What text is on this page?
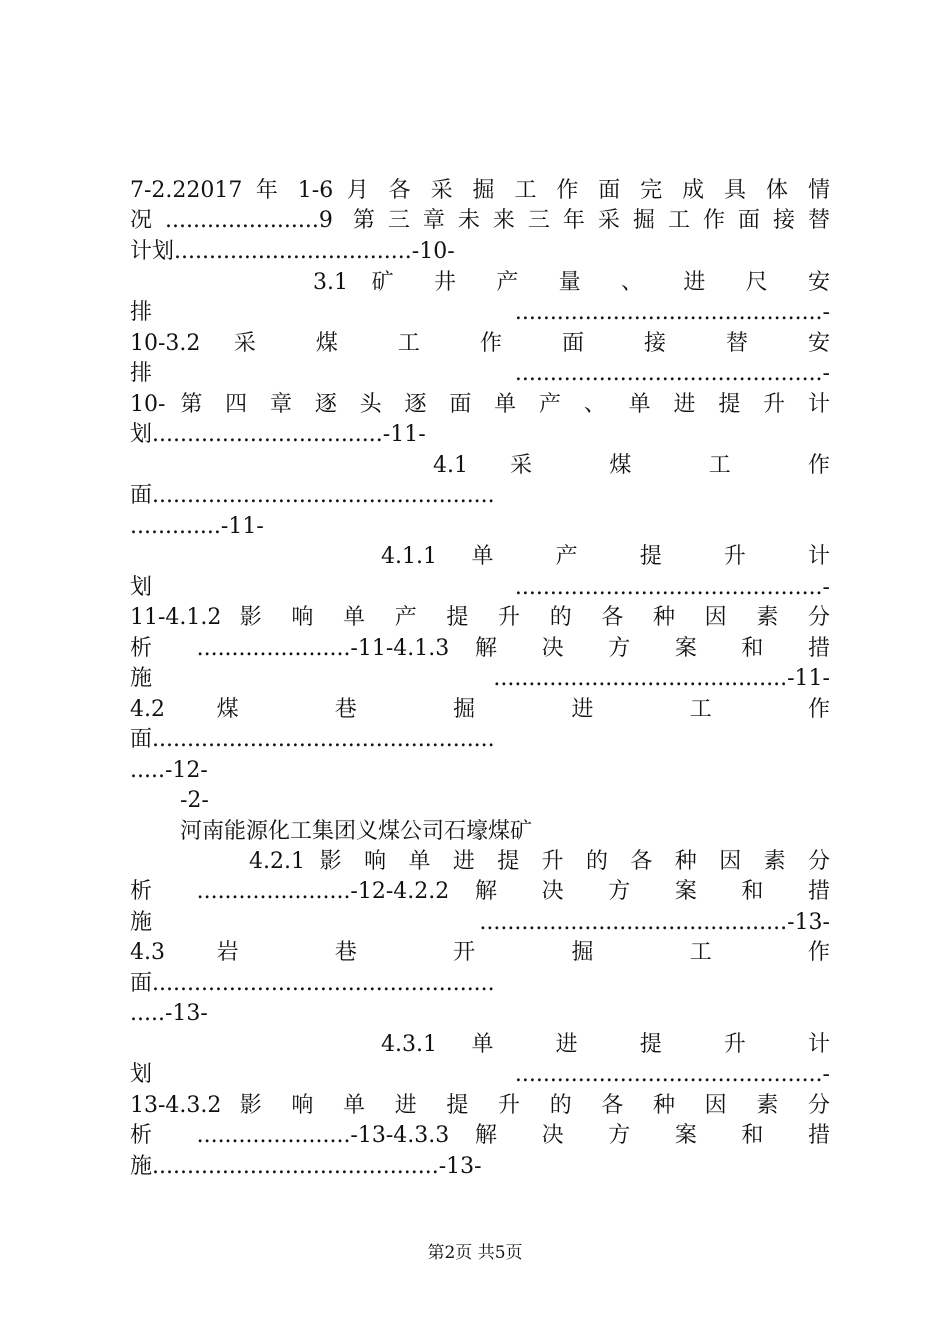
7-2.22017 年 1-6 月 各 采 掘 工 作 面 完 成 具 体 情
况......................9 第三章未来三年采掘工作面接替
计划..................................-10-
3.1 矿 井 产 量 、 进 尺 安
排 ............................................-
10-3.2 采 煤 工 作 面 接 替 安
排 ............................................-
10- 第 四 章 逐 头 逐 面 单 产 、 单 进 提 升 计
划.................................-11-
4.1 采 煤 工 作
面.................................................
.............-11-
4.1.1 单 产 提 升 计
划 ............................................-
11-4.1.2 影 响 单 产 提 升 的 各 种 因 素 分
析 ......................-11-4.1.3 解 决 方 案 和 措
施 ..........................................-11-
4.2 煤 巷 掘 进 工 作
面.................................................
.....-12-
-2-
河南能源化工集团义煤公司石壕煤矿
4.2.1 影 响 单 进 提 升 的 各 种 因 素 分
析 ......................-12-4.2.2 解 决 方 案 和 措
施 ............................................-13-
4.3 岩 巷 开 掘 工 作
面.................................................
.....-13-
4.3.1 单 进 提 升 计
划 ............................................-
13-4.3.2 影 响 单 进 提 升 的 各 种 因 素 分
析 ......................-13-4.3.3 解 决 方 案 和 措
施.........................................-13-
第2页 共5页
